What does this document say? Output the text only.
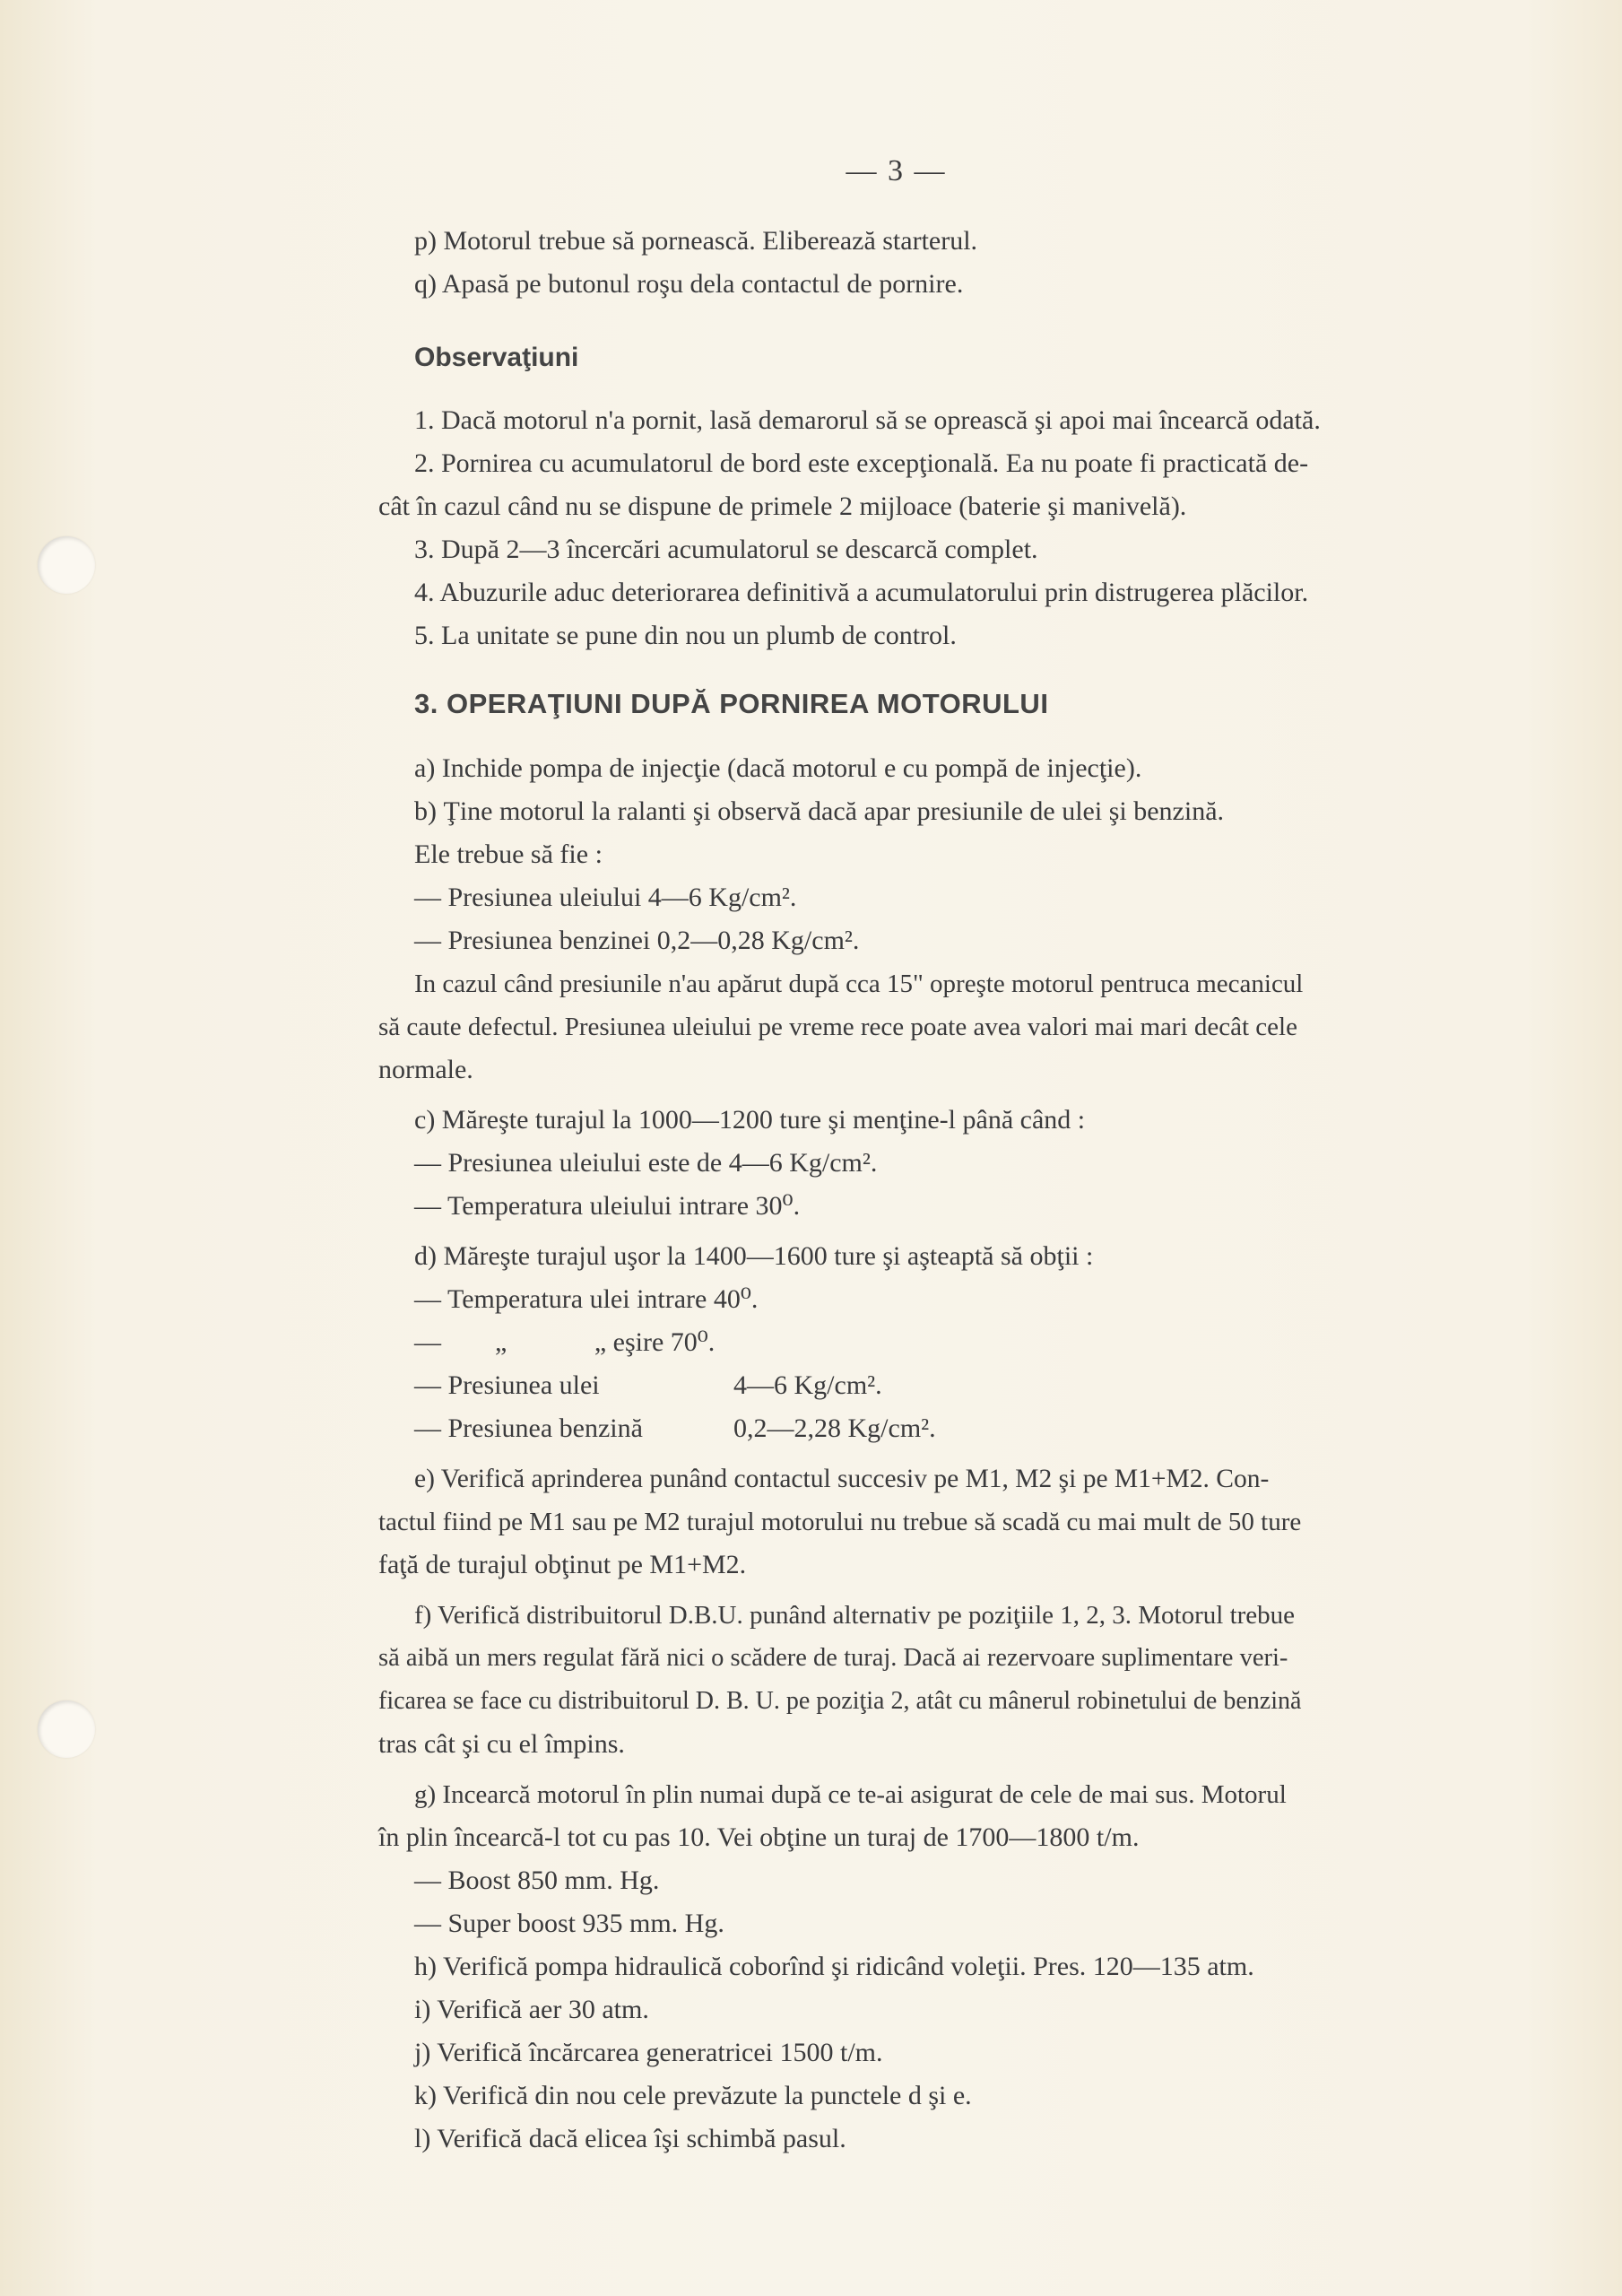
— 3 —
p) Motorul trebue să pornească. Eliberează starterul.
q) Apasă pe butonul roşu dela contactul de pornire.
Observaţiuni
1. Dacă motorul n'a pornit, lasă demarorul să se oprească şi apoi mai încearcă odată.
2. Pornirea cu acumulatorul de bord este excepţională. Ea nu poate fi practicată de-
cât în cazul când nu se dispune de primele 2 mijloace (baterie şi manivelă).
3. După 2—3 încercări acumulatorul se descarcă complet.
4. Abuzurile aduc deteriorarea definitivă a acumulatorului prin distrugerea plăcilor.
5. La unitate se pune din nou un plumb de control.
3. OPERAŢIUNI DUPĂ PORNIREA MOTORULUI
a) Inchide pompa de injecţie (dacă motorul e cu pompă de injecţie).
b) Ţine motorul la ralanti şi observă dacă apar presiunile de ulei şi benzină.
Ele trebue să fie :
— Presiunea uleiului 4—6 Kg/cm².
— Presiunea benzinei 0,2—0,28 Kg/cm².
In cazul când presiunile n'au apărut după cca 15" opreşte motorul pentruca mecanicul
să caute defectul. Presiunea uleiului pe vreme rece poate avea valori mai mari decât cele
normale.
c) Măreşte turajul la 1000—1200 ture şi menţine-l până când :
— Presiunea uleiului este de 4—6 Kg/cm².
— Temperatura uleiului intrare 30⁰.
d) Măreşte turajul uşor la 1400—1600 ture şi aşteaptă să obţii :
— Temperatura ulei intrare 40⁰.
—        „             „ eşire 70⁰.
— Presiunea ulei	4—6 Kg/cm².
— Presiunea benzină	0,2—2,28 Kg/cm².
e) Verifică aprinderea punând contactul succesiv pe M1, M2 şi pe M1+M2. Con-
tactul fiind pe M1 sau pe M2 turajul motorului nu trebue să scadă cu mai mult de 50 ture
faţă de turajul obţinut pe M1+M2.
f) Verifică distribuitorul D.B.U. punând alternativ pe poziţiile 1, 2, 3. Motorul trebue
să aibă un mers regulat fără nici o scădere de turaj. Dacă ai rezervoare suplimentare veri-
ficarea se face cu distribuitorul D. B. U. pe poziţia 2, atât cu mânerul robinetului de benzină
tras cât şi cu el împins.
g) Incearcă motorul în plin numai după ce te-ai asigurat de cele de mai sus. Motorul
în plin încearcă-l tot cu pas 10. Vei obţine un turaj de 1700—1800 t/m.
— Boost 850 mm. Hg.
— Super boost 935 mm. Hg.
h) Verifică pompa hidraulică coborînd şi ridicând voleţii. Pres. 120—135 atm.
i) Verifică aer 30 atm.
j) Verifică încărcarea generatricei 1500 t/m.
k) Verifică din nou cele prevăzute la punctele d şi e.
l) Verifică dacă elicea îşi schimbă pasul.
